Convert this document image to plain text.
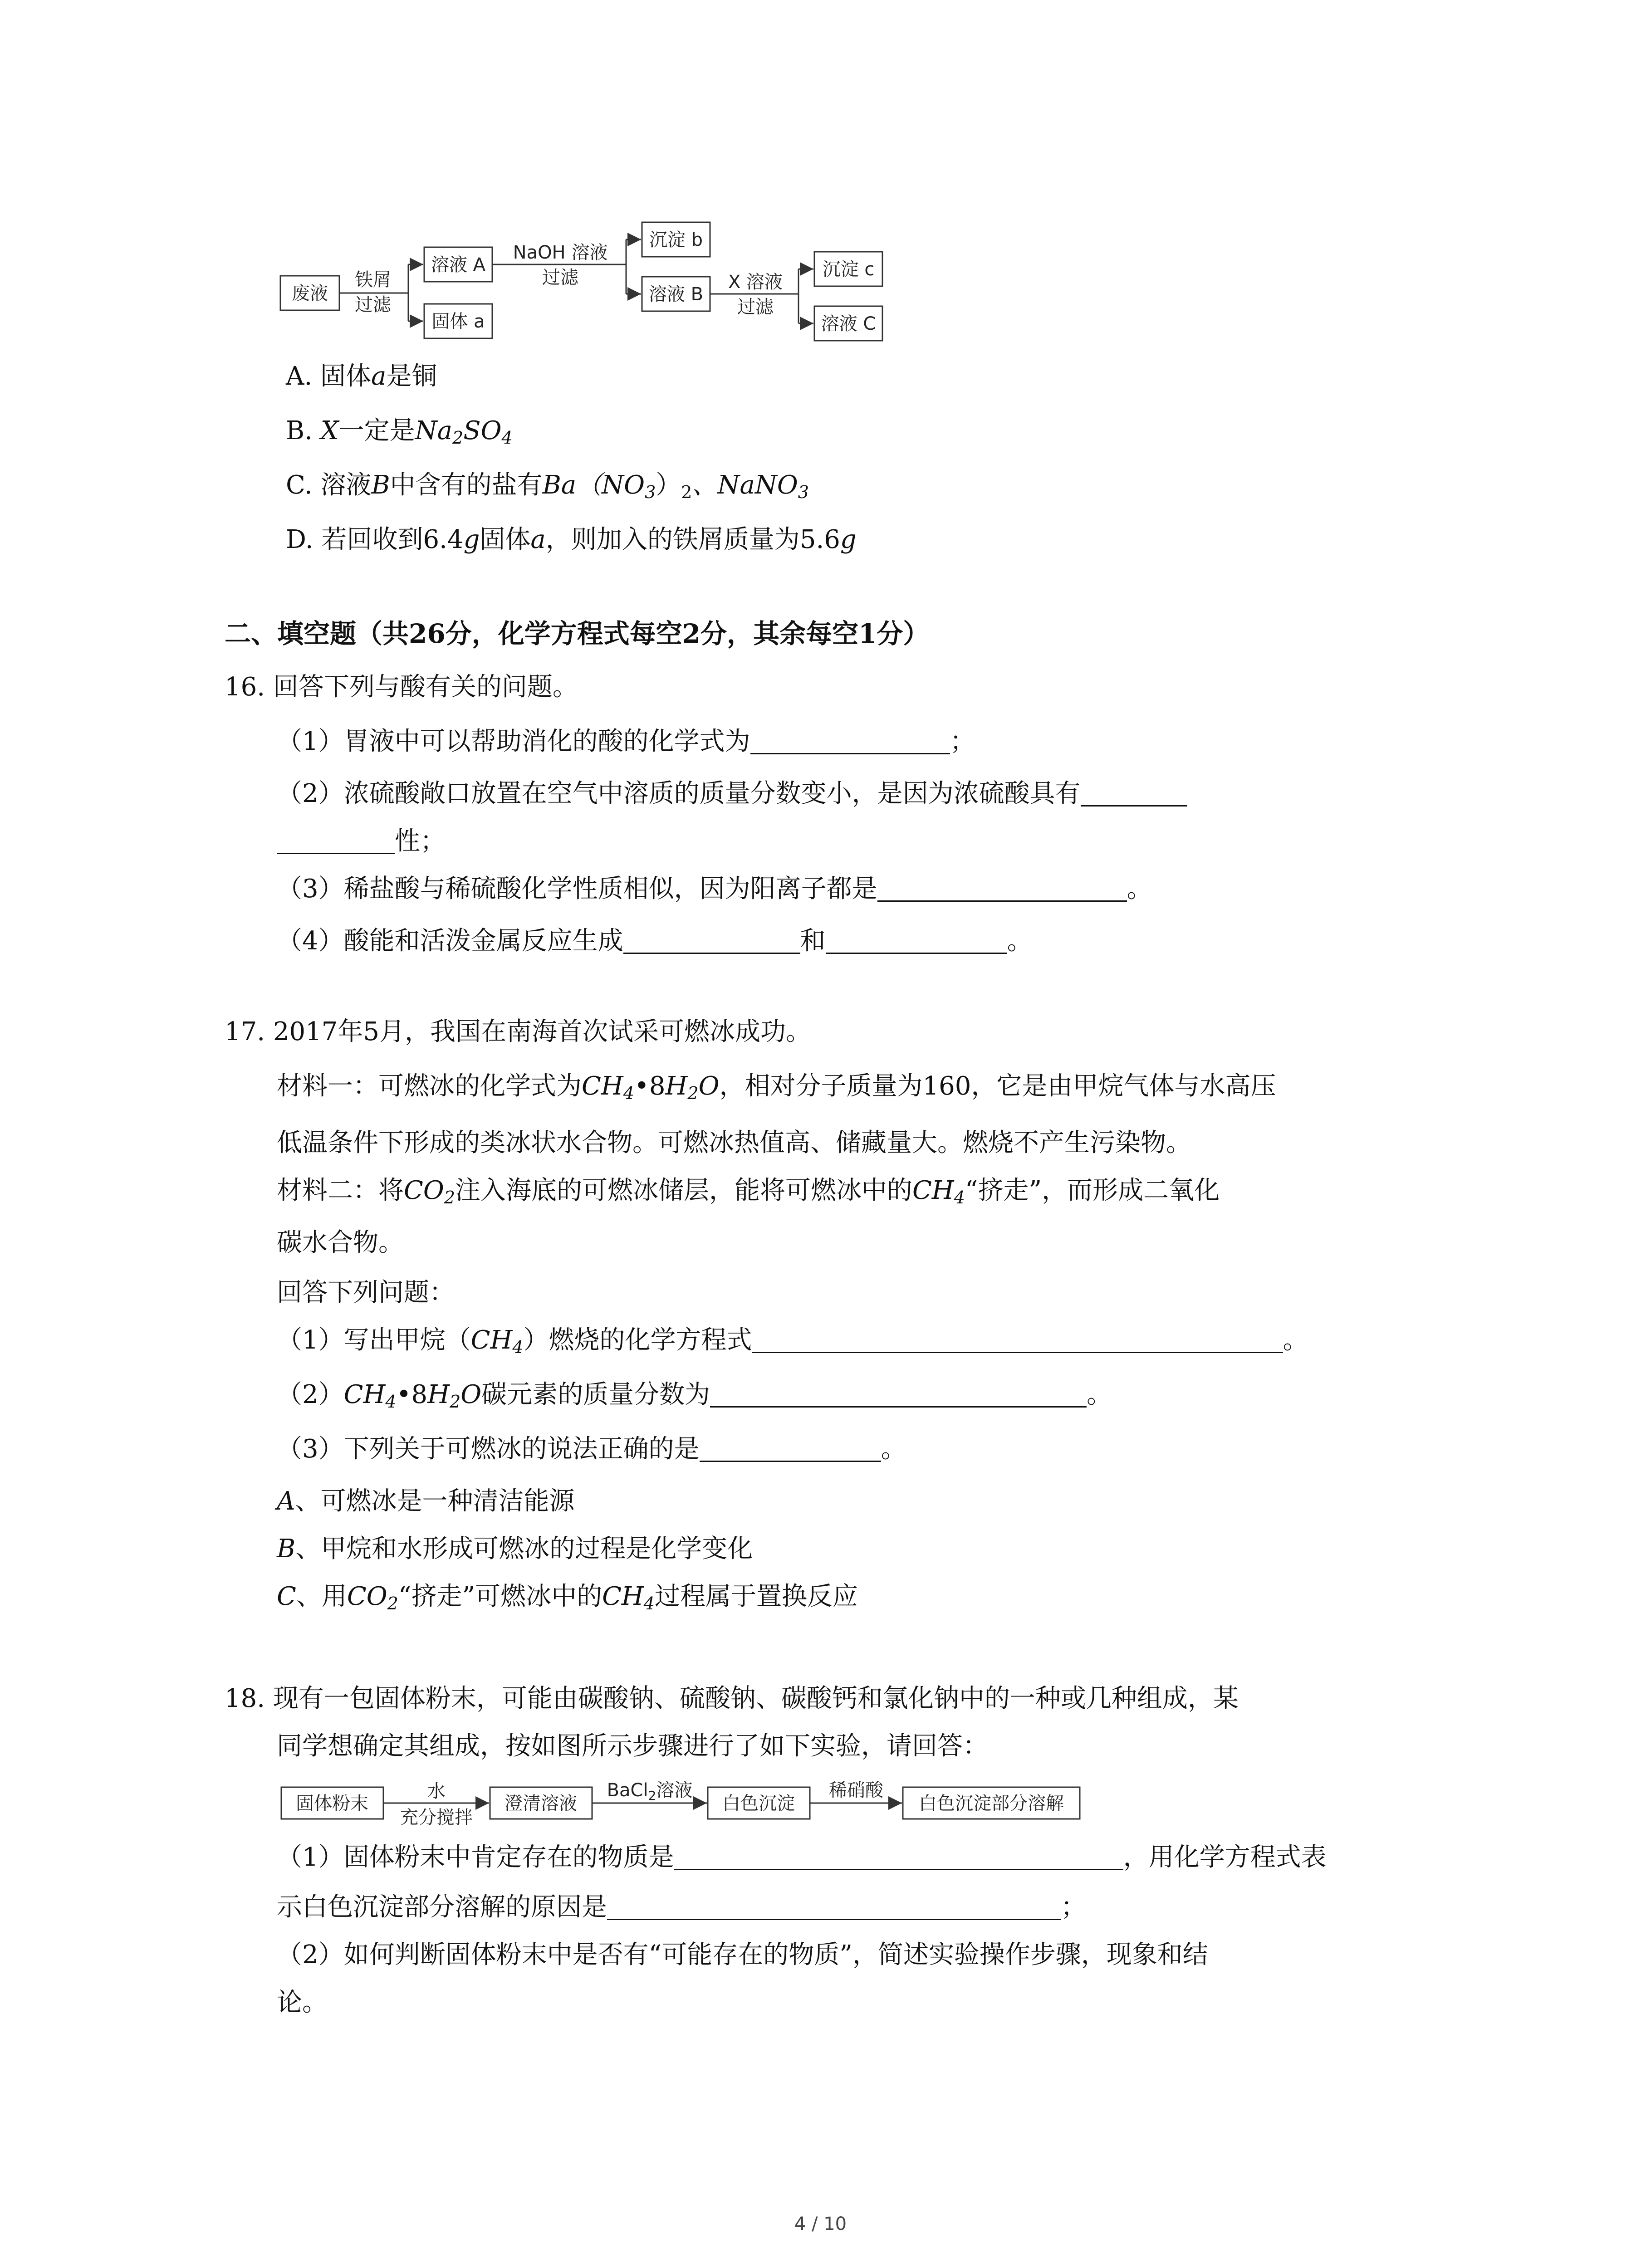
废液
铁屑
过滤
溶液 A
固体 a
NaOH 溶液
过滤
沉淀 b
溶液 B
X 溶液
过滤
沉淀 c
溶液 C
A. 固体a是铜
B. X一定是$Na_2SO_4$
C. 溶液B中含有的盐有$Ba(NO_3)_2$、NaNO$_3$
D. 若回收到6.4g固体a，则加入的铁屑质量为5.6g
二、填空题（共26分，化学方程式每空2分，其余每空1分）
16. 回答下列与酸有关的问题。
（1）胃液中可以帮助消化的酸的化学式为	；
（2）浓硫酸敞口放置在空气中溶质的质量分数变小，是因为浓硫酸具有
性；
（3）稀盐酸与稀硫酸化学性质相似，因为阳离子都是	。
（4）酸能和活泼金属反应生成	和	。
17. 2017年5月，我国在南海首次试采可燃冰成功。
材料一：可燃冰的化学式为$CH_4•8H_2O$，相对分子质量为160，它是由甲烷气体与水高压
低温条件下形成的类冰状水合物。可燃冰热值高、储藏量大。燃烧不产生污染物。
材料二：将$CO_2$注入海底的可燃冰储层，能将可燃冰中的$CH_4“$挤走”，而形成二氧化
碳水合物。
回答下列问题：
（1）写出甲烷$(CH_4)$燃烧的化学方程式	。
$(2)CH_4•8H_2O$碳元素的质量分数为	。
（3）下列关于可燃冰的说法正确的是	。
A、可燃冰是一种清洁能源
B、甲烷和水形成可燃冰的过程是化学变化
C、用$CO_2“$挤走”可燃冰中的$CH_4$过程属于置换反应
18. 现有一包固体粉末，可能由碳酸钠、硫酸钠、碳酸钙和氯化钠中的一种或几种组成，某
同学想确定其组成，按如图所示步骤进行了如下实验，请回答：
固体粉末
水
充分搅拌
澄清溶液
BaCl$_2$溶液
白色沉淀
稀硝酸
白色沉淀部分溶解
（1）固体粉末中肯定存在的物质是	，用化学方程式表
示白色沉淀部分溶解的原因是	；
（2）如何判断固体粉末中是否有“可能存在的物质”，简述实验操作步骤，现象和结
论。
4 / 10
